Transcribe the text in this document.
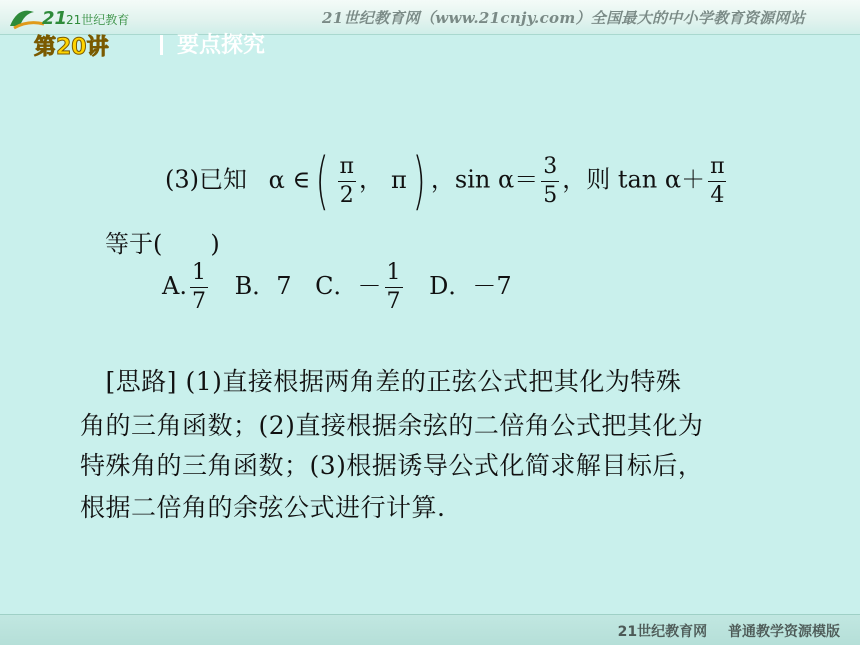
21
21世纪教育	21世纪教育网（www.21cnjy.com）全国最大的中小学教育资源网站
第20讲	要点探究
(3)已知 α ∈( $\frac{\pi}{2}$ ， π) ，$\sin \alpha= \frac{3}{5}$ ，则 $\tan \alpha+ \frac{\pi}{4}$
等于(　　)
A. $\frac{1}{7}$ B．7 C．－ $\frac{1}{7}$ D．－7
　[思路] (1)直接根据两角差的正弦公式把其化为特殊
角的三角函数；(2)直接根据余弦的二倍角公式把其化为
特殊角的三角函数；(3)根据诱导公式化简求解目标后，
根据二倍角的余弦公式进行计算.
21世纪教育网 普通教学资源模版
